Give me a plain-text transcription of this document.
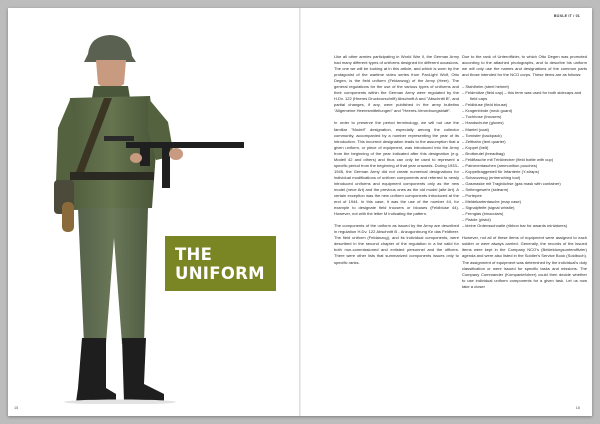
BOXLE IT / 01
THE
UNIFORM

Like all other armies participating in World War II, the German Army had many different types of uniforms designed for different occasions. The one we will be looking at in this article, and which is worn by the protagonist of the wartime video series from PanLight Wolf, Otto Degen, is the field uniform (Feldanzug) of the Army (Heer). The general regulations for the use of the various types of uniforms and their components within the German Army were regulated by the H.Dv. 122 (Heeres Druckvorschrift) Abschnitt A and "Abschnitt B", and partial changes, if any, were published in the army bulletins "Allgemeine Heeresmitteilungen" and "Heeres-Verordnungsblatt".

In order to preserve the period terminology, we will not use the familiar "Modell" designation, especially among the collector community, accompanied by a number representing the year of its introduction. This incorrect designation leads to the assumption that a given uniform, or piece of equipment, was introduced into the Army from the beginning of the year indicated after this designation (e.g. Modell 42 and others) and thus can only be used to represent a specific period from the beginning of that year onwards. During 1933–1945, the German Army did not create numerical designations for individual modifications of uniform components and referred to newly introduced uniforms and equipment components only as the new model (neue Art) and the previous ones as the old model (alte Art). A certain exception was the new uniform components introduced at the end of 1944. In this case, it was the use of the number 44, for example to designate field trousers or blouses (Feldbluse 44). However, not with the letter M indicating the pattern.

The components of the uniform as issued by the Army are described in regulation H.Dv. 122 Abschnitt B - Anzugordnung für das Feldheer. The field uniform (Feldanzug), and its individual components, were described in the second chapter of the regulation in a list valid for both non-commissioned and enlisted personnel and the officers. There were other lists that summarized components issues only to specific ranks.

Due to the rank of Unteroffizier, to which Otto Degen was promoted according to the attached photographs, and to describe his uniform we will only use the names and designations of the common parts and those intended for the NCO corps. These items are as follows:

– Stahlhelm (steel helmet)
– Feldmütze (field cap) – this term was used for both sidecaps and field caps
– Feldbluse (field blouse)
– Kragenbinde (neck guard)
– Tuchhose (trousers)
– Handschuhe (gloves)
– Mantel (coat)
– Tornister (backpack)
– Zeltbahn (tent quarter)
– Koppel (belt)
– Brotbeutel (breadbag)
– Feldflasche mit Trinkbecher (field bottle with cup)
– Patronentaschen (ammunition pouches)
– Koppeltraggestell für Infanterie (Y-straps)
– Schanzzeug (entrenching tool)
– Gasmaske mit Tragbüchse (gas mask with container)
– Seitengewehr (sidearm)
– Portepee
– Meldekartentasche (map case)
– Signalpfeife (signal whistle)
– Fernglas (binoculars)
– Pistole (pistol)
– kleine Ordensschnalle (ribbon bar for awards miniatures)

However, not all of these items of equipment were assigned to each soldier or were always carried. Generally, the records of the issued items were kept in the Company NCO's (Bekleidungsunteroffizier) agenda and were also listed in the Soldier's Service Book (Soldbuch). The assignment of equipment was determined by the individual's duty classification or were issued for specific tasks and missions. The Company Commander (Kompaniefuhrer) could then decide whether to use individual uniform components for a given task. Let us now take a closer

15	16
